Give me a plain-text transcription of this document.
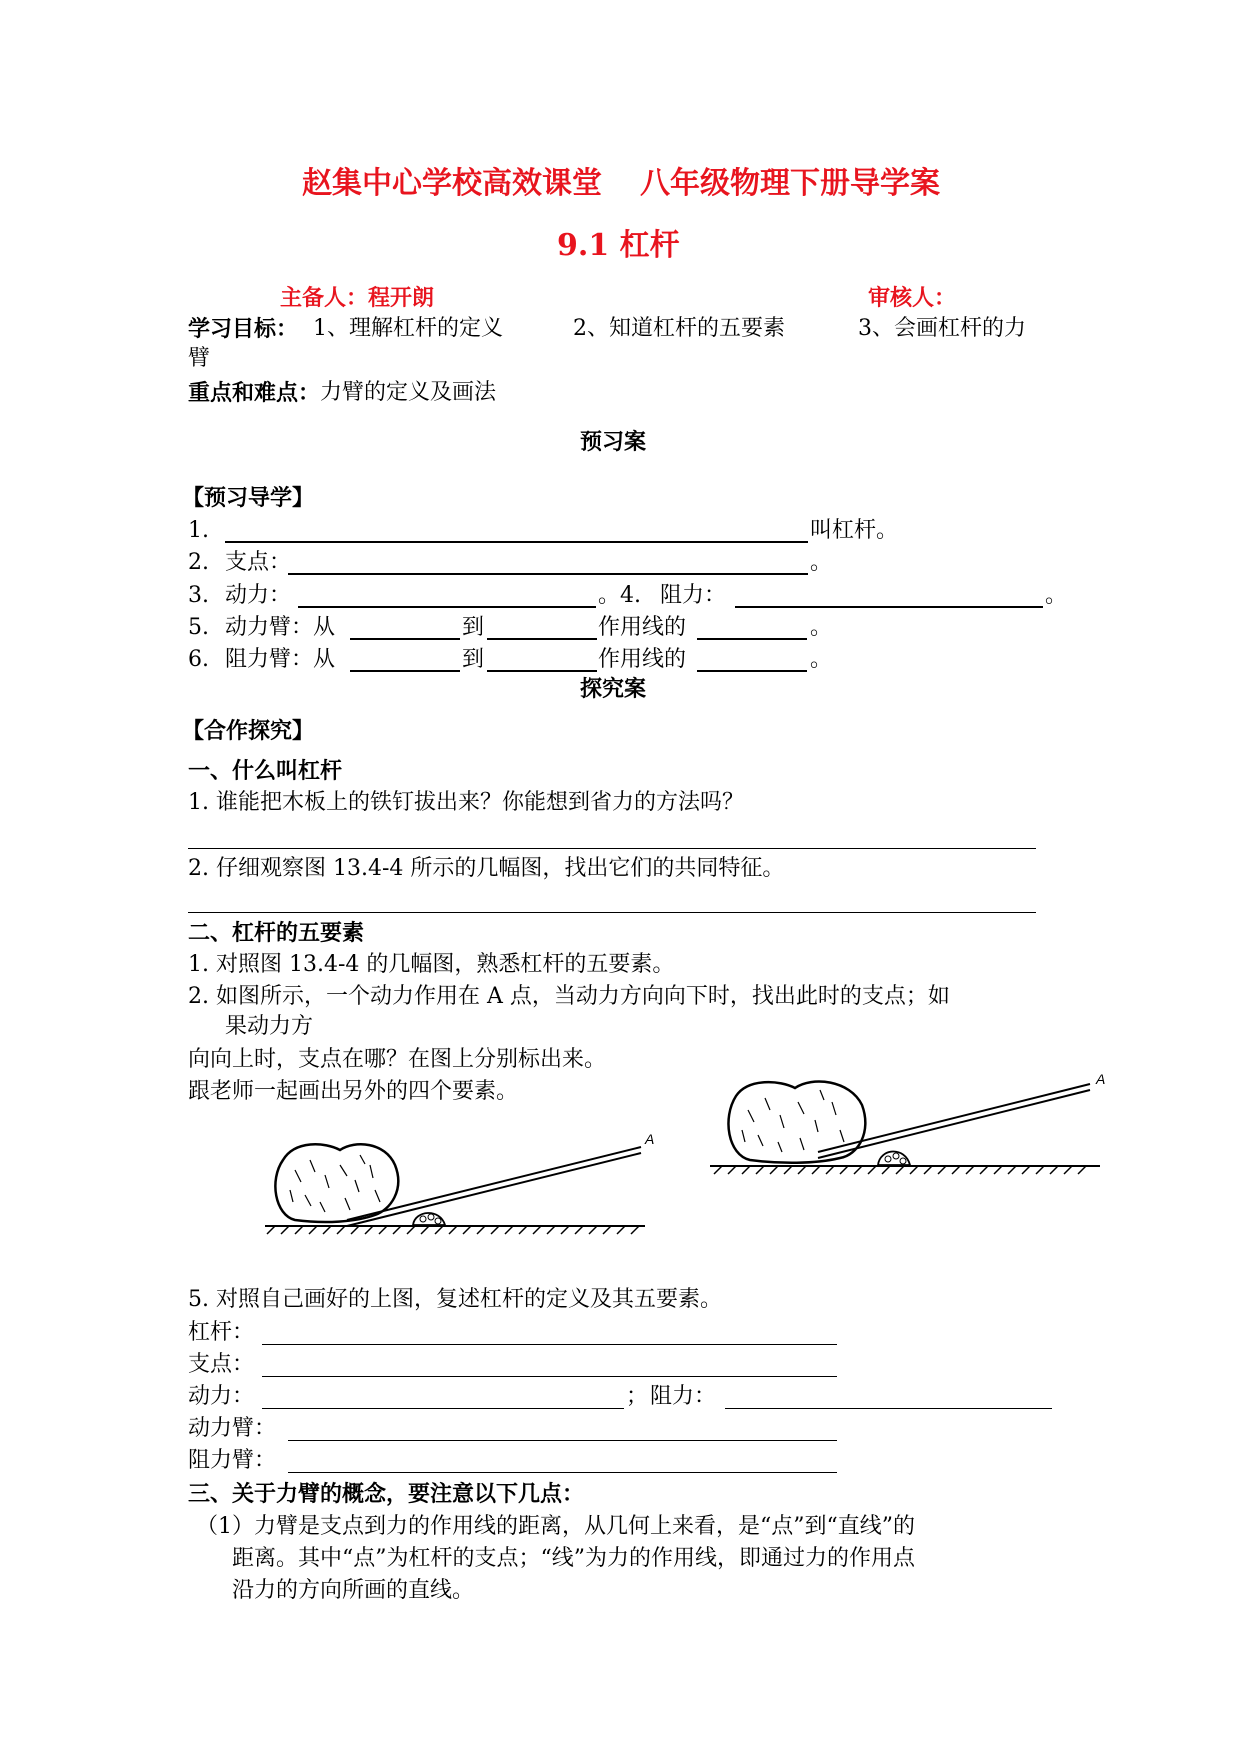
赵集中心学校高效课堂 八年级物理下册导学案
9.1 杠杆
主备人：程开朗	审核人：
学习目标： 1、理解杠杆的定义	2、知道杠杆的五要素	3、会画杠杆的力
臂
重点和难点： 力臂的定义及画法
预习案
【预习导学】
1.	叫杠杆。
2. 支点：	。
3. 动力：	。4. 阻力：	。
5. 动力臂：从	到	作用线的	。
6. 阻力臂：从	到	作用线的	。
探究案
【合作探究】
一、什么叫杠杆
1. 谁能把木板上的铁钉拔出来？你能想到省力的方法吗？
2. 仔细观察图 13.4-4 所示的几幅图，找出它们的共同特征。
二、杠杆的五要素
1. 对照图 13.4-4 的几幅图，熟悉杠杆的五要素。
2. 如图所示，一个动力作用在 A 点，当动力方向向下时，找出此时的支点；如
果动力方
向向上时，支点在哪？在图上分别标出来。
跟老师一起画出另外的四个要素。
A
A
5. 对照自己画好的上图，复述杠杆的定义及其五要素。
杠杆：
支点：
动力：	； 阻力：
动力臂：
阻力臂：
三、关于力臂的概念，要注意以下几点：
（1）力臂是支点到力的作用线的距离，从几何上来看，是“点”到“直线”的
距离。其中“点”为杠杆的支点；“线”为力的作用线，即通过力的作用点
沿力的方向所画的直线。
